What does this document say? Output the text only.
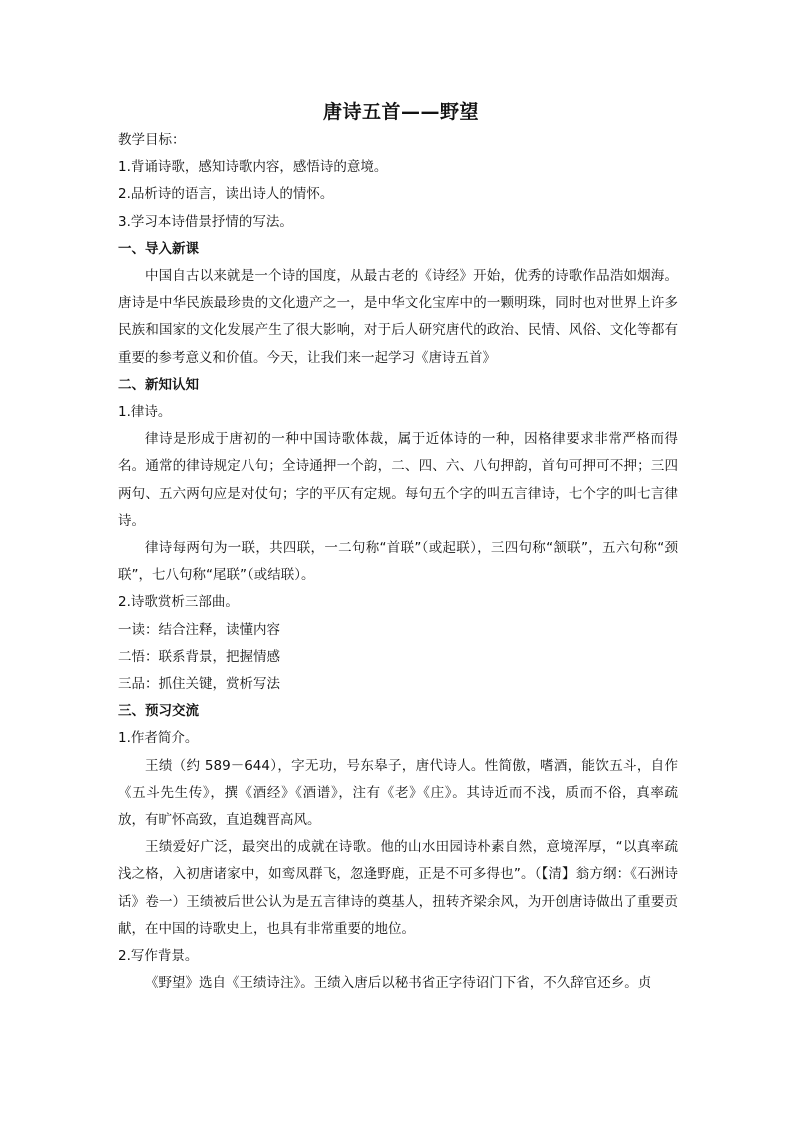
唐诗五首——野望

教学目标：

1.背诵诗歌，感知诗歌内容，感悟诗的意境。

2.品析诗的语言，读出诗人的情怀。

3.学习本诗借景抒情的写法。

一、导入新课

中国自古以来就是一个诗的国度，从最古老的《诗经》开始，优秀的诗歌作品浩如烟海。唐诗是中华民族最珍贵的文化遗产之一，是中华文化宝库中的一颗明珠，同时也对世界上许多民族和国家的文化发展产生了很大影响，对于后人研究唐代的政治、民情、风俗、文化等都有重要的参考意义和价值。今天，让我们来一起学习《唐诗五首》

二、新知认知

1.律诗。

律诗是形成于唐初的一种中国诗歌体裁，属于近体诗的一种，因格律要求非常严格而得名。通常的律诗规定八句；全诗通押一个韵，二、四、六、八句押韵，首句可押可不押；三四两句、五六两句应是对仗句；字的平仄有定规。每句五个字的叫五言律诗，七个字的叫七言律诗。

律诗每两句为一联，共四联，一二句称“首联”（或起联），三四句称“颔联”，五六句称“颈联”，七八句称“尾联”（或结联）。

2.诗歌赏析三部曲。

一读：结合注释，读懂内容

二悟：联系背景，把握情感

三品：抓住关键，赏析写法

三、预习交流

1.作者简介。

王绩（约 589－644），字无功，号东皋子，唐代诗人。性简傲，嗜酒，能饮五斗，自作《五斗先生传》，撰《酒经》《酒谱》，注有《老》《庄》。其诗近而不浅，质而不俗，真率疏放，有旷怀高致，直追魏晋高风。

王绩爱好广泛，最突出的成就在诗歌。他的山水田园诗朴素自然，意境浑厚，“以真率疏浅之格，入初唐诸家中，如鸾凤群飞，忽逢野鹿，正是不可多得也”。（【清】翁方纲：《石洲诗话》卷一）王绩被后世公认为是五言律诗的奠基人，扭转齐梁余风，为开创唐诗做出了重要贡献，在中国的诗歌史上，也具有非常重要的地位。

2.写作背景。

《野望》选自《王绩诗注》。王绩入唐后以秘书省正字待诏门下省，不久辞官还乡。贞
